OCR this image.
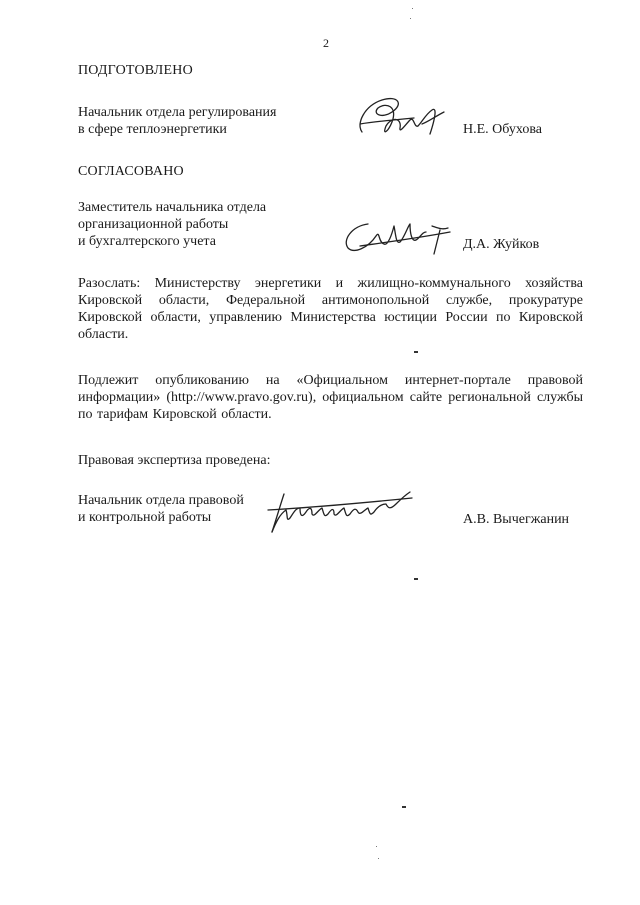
2
ПОДГОТОВЛЕНО
Начальник отдела регулирования
в сфере теплоэнергетики	Н.Е. Обухова
СОГЛАСОВАНО
Заместитель начальника отдела
организационной работы
и бухгалтерского учета	Д.А. Жуйков
Разослать: Министерству энергетики и жилищно-коммунального хозяйства Кировской области, Федеральной антимонопольной службе, прокуратуре Кировской области, управлению Министерства юстиции России по Кировской области.
Подлежит опубликованию на «Официальном интернет-портале правовой информации» (http://www.pravo.gov.ru), официальном сайте региональной службы по тарифам Кировской области.
Правовая экспертиза проведена:
Начальник отдела правовой
и контрольной работы	А.В. Вычегжанин
